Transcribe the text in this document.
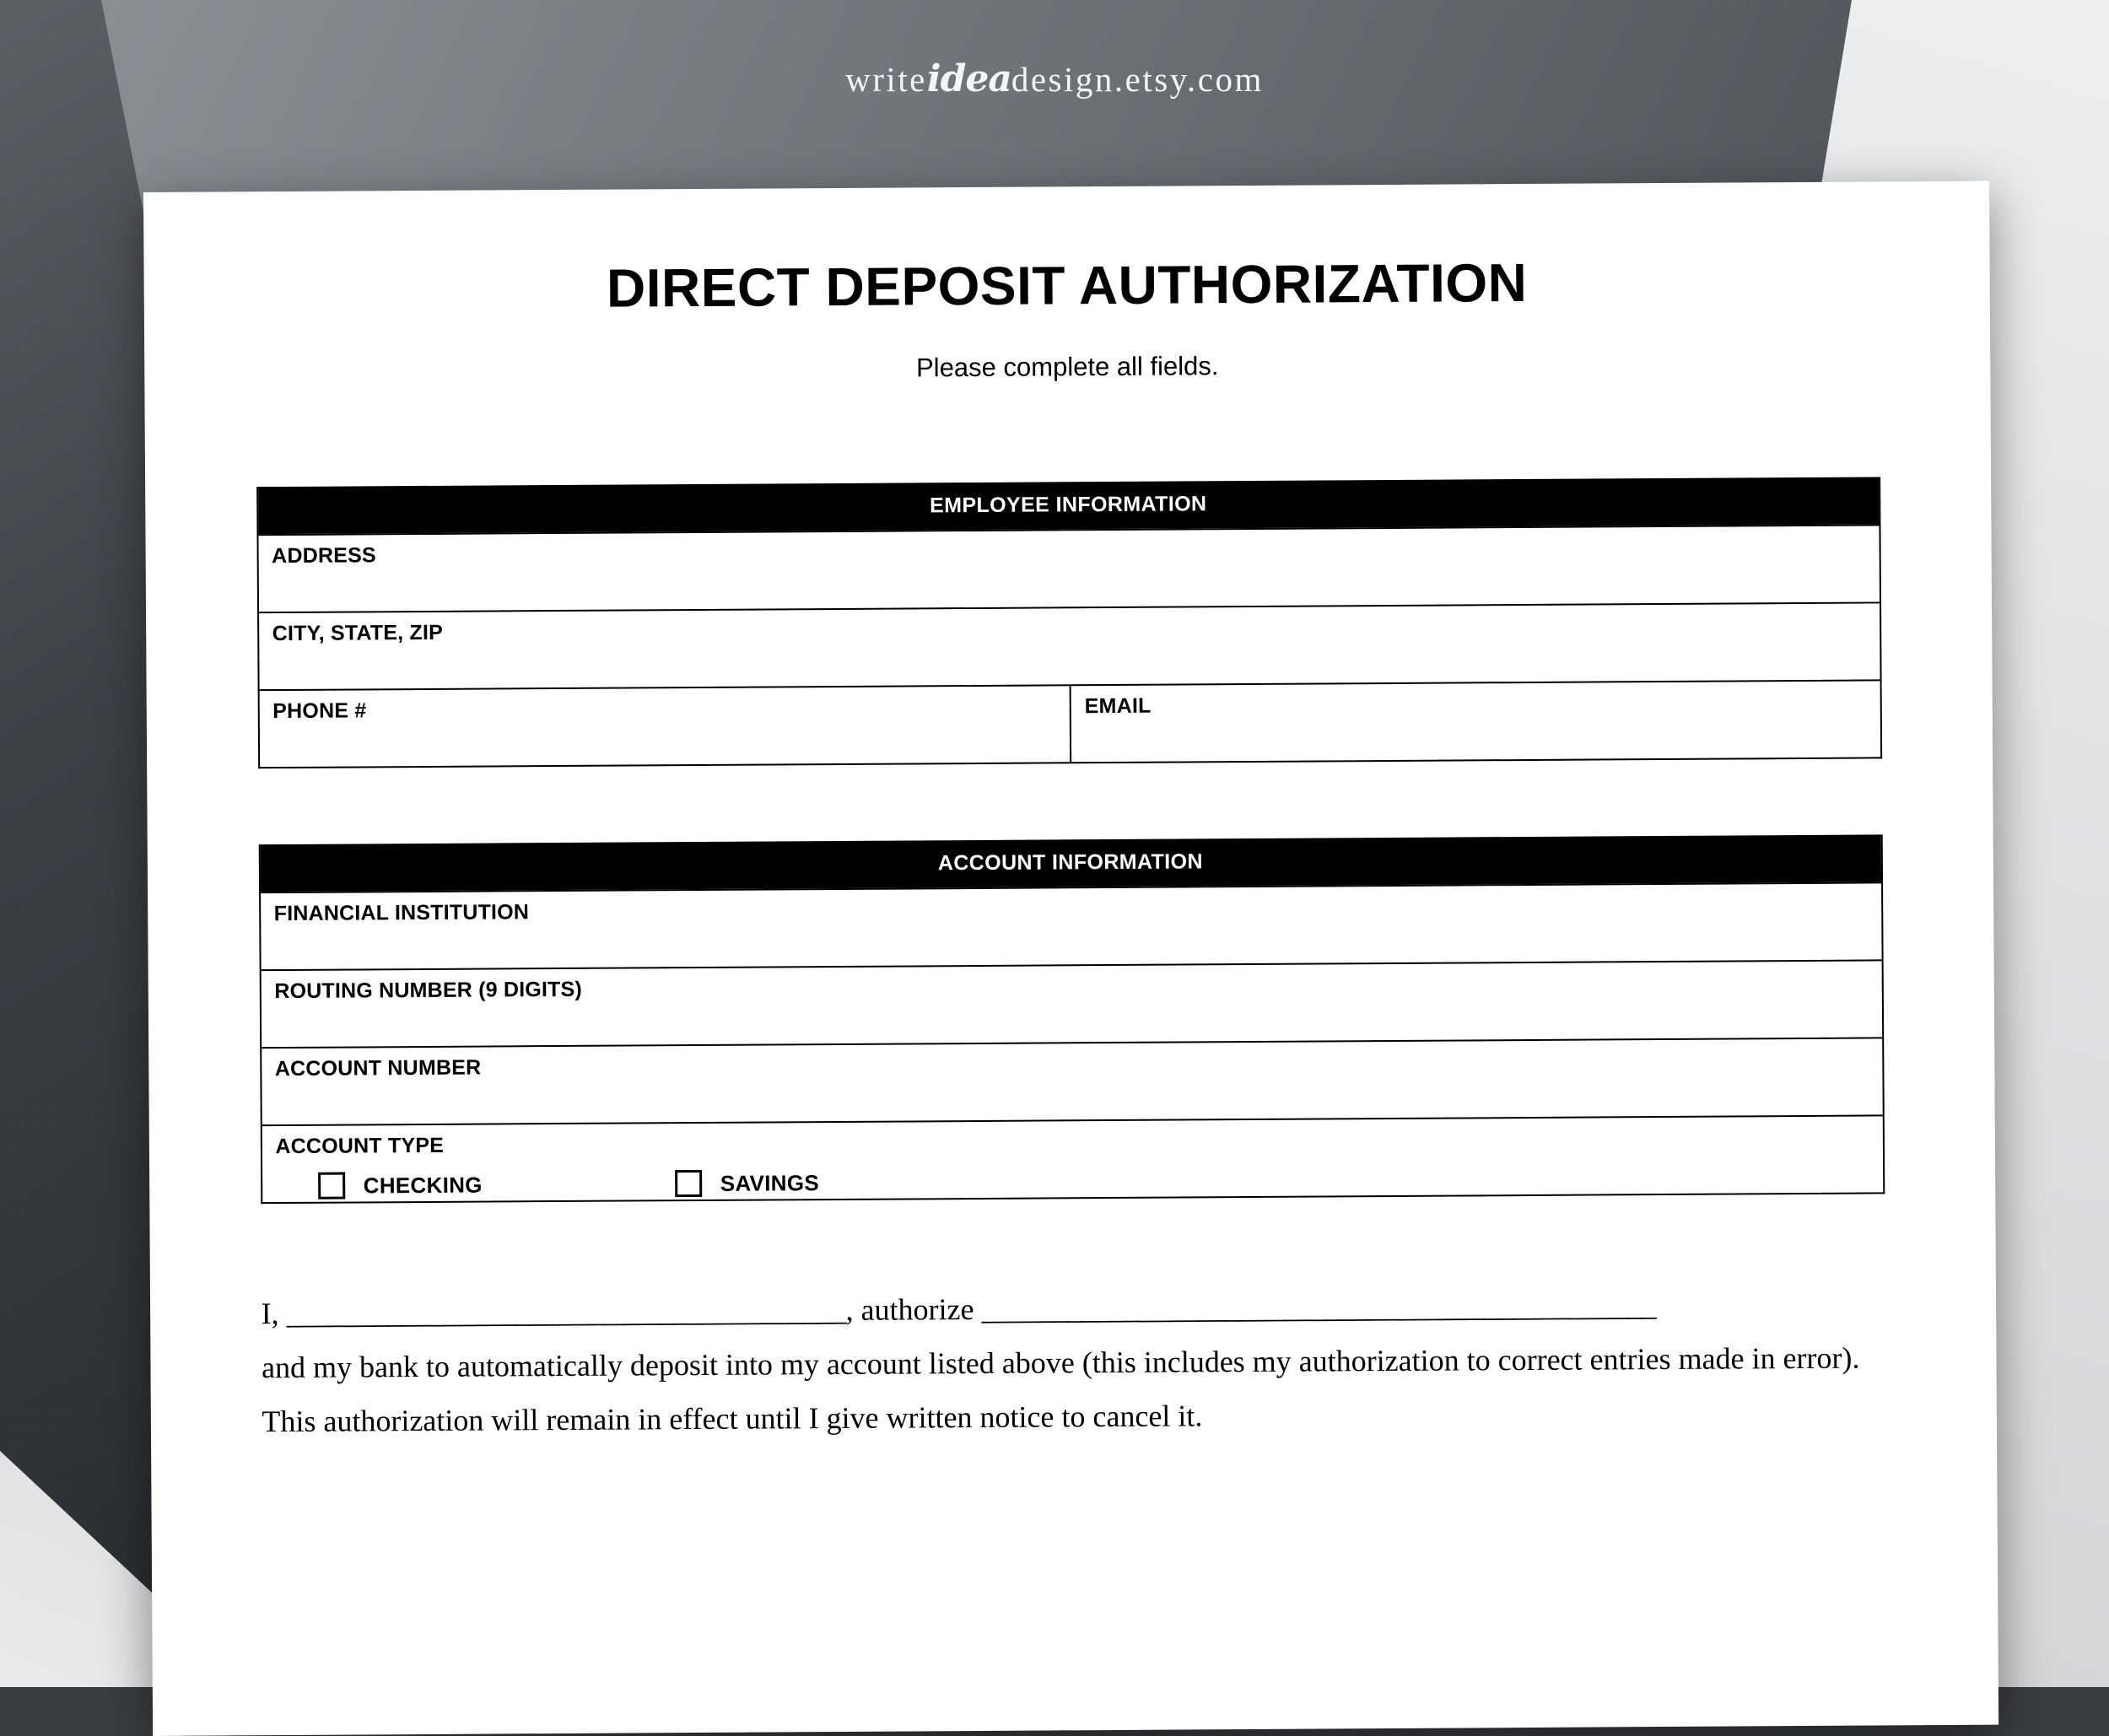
writeideadesign.etsy.com
DIRECT DEPOSIT AUTHORIZATION
Please complete all fields.
EMPLOYEE INFORMATION
ADDRESS
CITY, STATE, ZIP
PHONE #	EMAIL
ACCOUNT INFORMATION
FINANCIAL INSTITUTION
ROUTING NUMBER (9 DIGITS)
ACCOUNT NUMBER
ACCOUNT TYPE
CHECKING	SAVINGS
I, _______________________________________, authorize _______________________________________________
and my bank to automatically deposit into my account listed above (this includes my authorization to correct entries made in error). This authorization will remain in effect until I give written notice to cancel it.
